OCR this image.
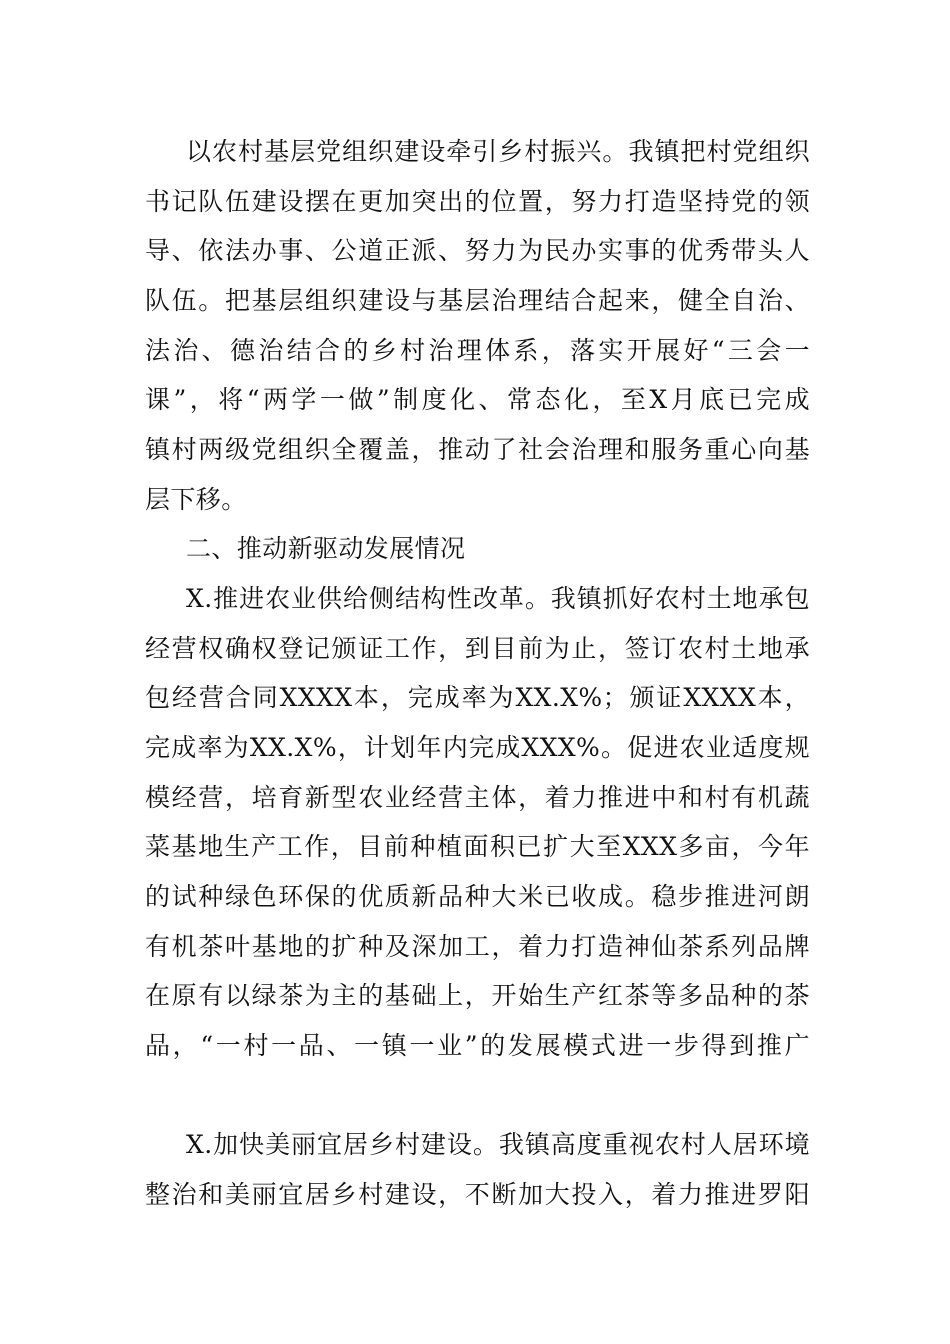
以农村基层党组织建设牵引乡村振兴。我镇把村党组织
书记队伍建设摆在更加突出的位置，努力打造坚持党的领
导、依法办事、公道正派、努力为民办实事的优秀带头人
队伍。把基层组织建设与基层治理结合起来，健全自治、
法治、德治结合的乡村治理体系，落实开展好“三会一
课”，将“两学一做”制度化、常态化，至X月底已完成
镇村两级党组织全覆盖，推动了社会治理和服务重心向基
层下移。
二、推动新驱动发展情况
X.推进农业供给侧结构性改革。我镇抓好农村土地承包
经营权确权登记颁证工作，到目前为止，签订农村土地承
包经营合同XXXX本，完成率为XX.X%；颁证XXXX本，
完成率为XX.X%，计划年内完成XXX%。促进农业适度规
模经营，培育新型农业经营主体，着力推进中和村有机蔬
菜基地生产工作，目前种植面积已扩大至XXX多亩，今年
的试种绿色环保的优质新品种大米已收成。稳步推进河朗
有机茶叶基地的扩种及深加工，着力打造神仙茶系列品牌
在原有以绿茶为主的基础上，开始生产红茶等多品种的茶
品，“一村一品、一镇一业”的发展模式进一步得到推广
X.加快美丽宜居乡村建设。我镇高度重视农村人居环境
整治和美丽宜居乡村建设，不断加大投入，着力推进罗阳
